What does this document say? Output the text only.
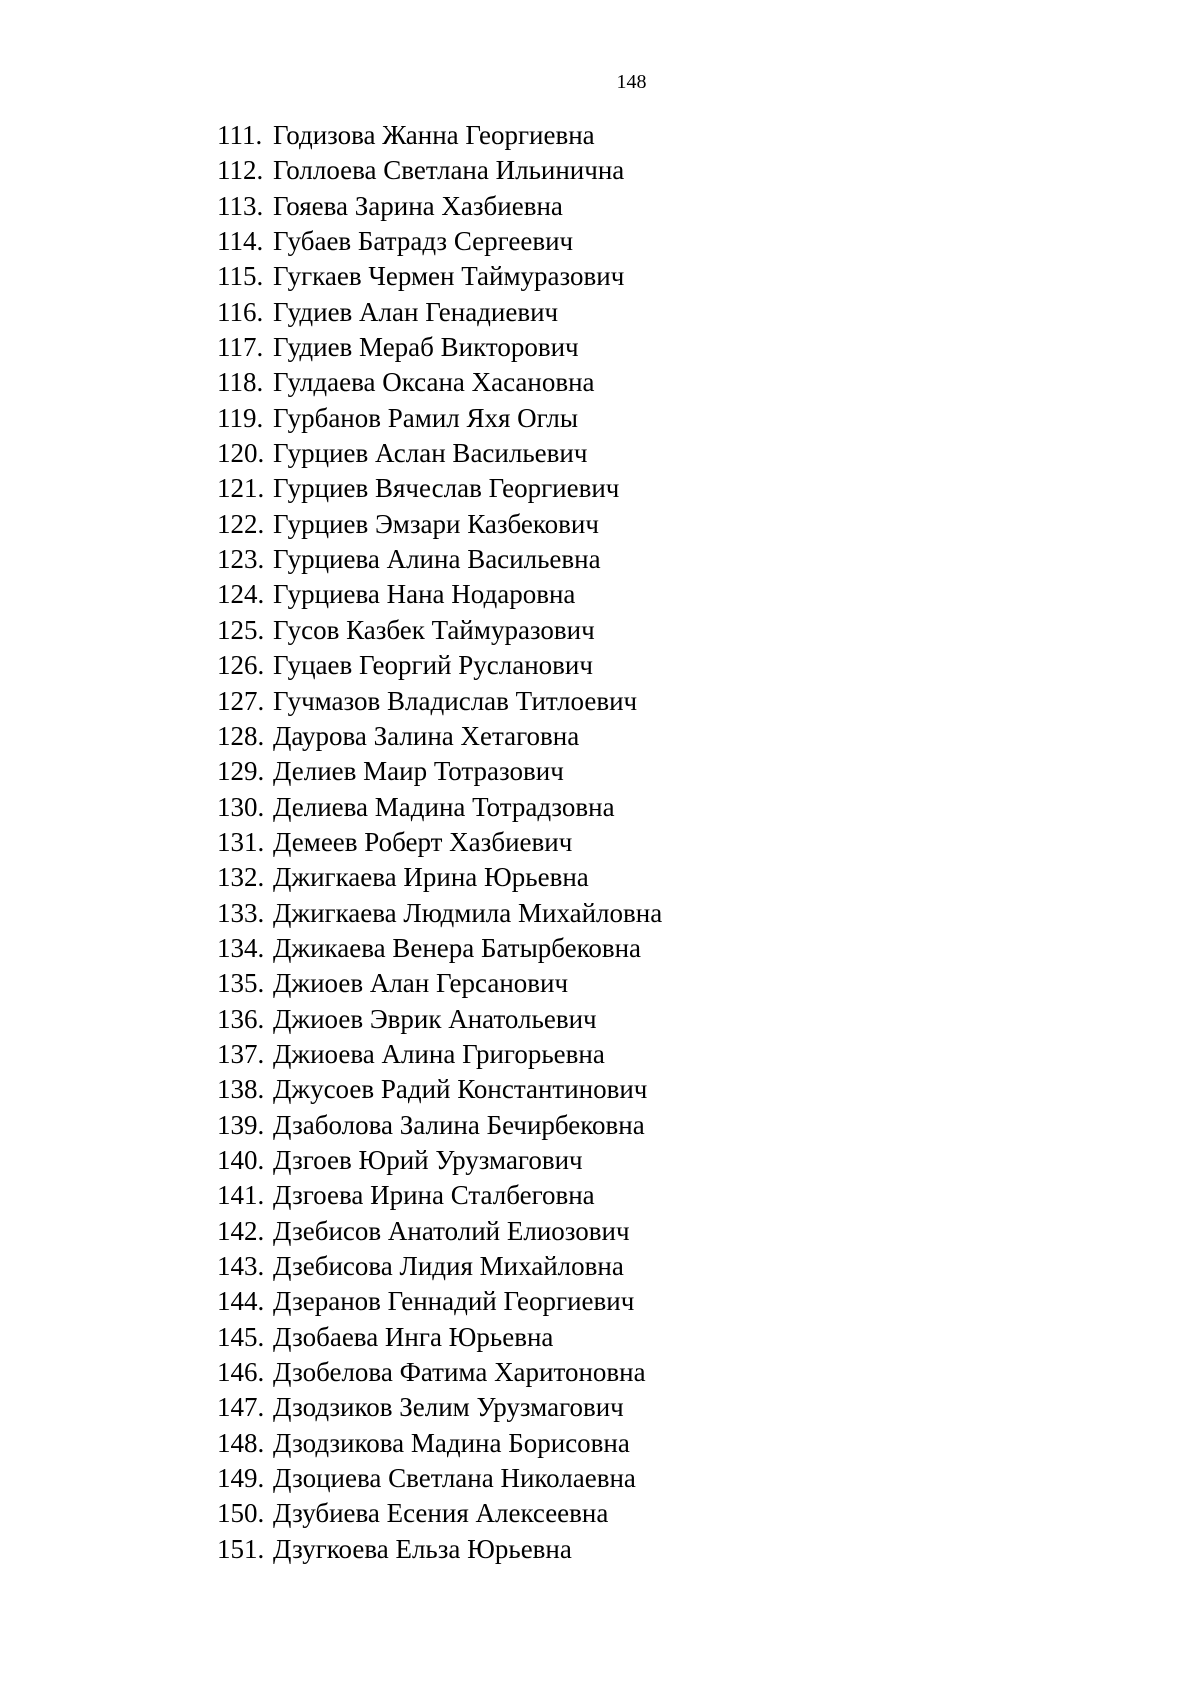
148
111. Годизова Жанна Георгиевна
112. Голлоева Светлана Ильинична
113. Гояева Зарина Хазбиевна
114. Губаев Батрадз Сергеевич
115. Гугкаев Чермен Таймуразович
116. Гудиев Алан Генадиевич
117. Гудиев Мераб Викторович
118. Гулдаева Оксана Хасановна
119. Гурбанов Рамил Яхя Оглы
120. Гурциев Аслан Васильевич
121. Гурциев Вячеслав Георгиевич
122. Гурциев Эмзари Казбекович
123. Гурциева Алина Васильевна
124. Гурциева Нана Нодаровна
125. Гусов Казбек Таймуразович
126. Гуцаев Георгий Русланович
127. Гучмазов Владислав Титлоевич
128. Даурова Залина Хетаговна
129. Делиев Маир Тотразович
130. Делиева Мадина Тотрадзовна
131. Демеев Роберт Хазбиевич
132. Джигкаева Ирина Юрьевна
133. Джигкаева Людмила Михайловна
134. Джикаева Венера Батырбековна
135. Джиоев Алан Герсанович
136. Джиоев Эврик Анатольевич
137. Джиоева Алина Григорьевна
138. Джусоев Радий Константинович
139. Дзаболова Залина Бечирбековна
140. Дзгоев Юрий Урузмагович
141. Дзгоева Ирина Сталбеговна
142. Дзебисов Анатолий Елиозович
143. Дзебисова Лидия Михайловна
144. Дзеранов Геннадий Георгиевич
145. Дзобаева Инга Юрьевна
146. Дзобелова Фатима Харитоновна
147. Дзодзиков Зелим Урузмагович
148. Дзодзикова Мадина Борисовна
149. Дзоциева Светлана Николаевна
150. Дзубиева Есения Алексеевна
151. Дзугкоева Ельза Юрьевна
